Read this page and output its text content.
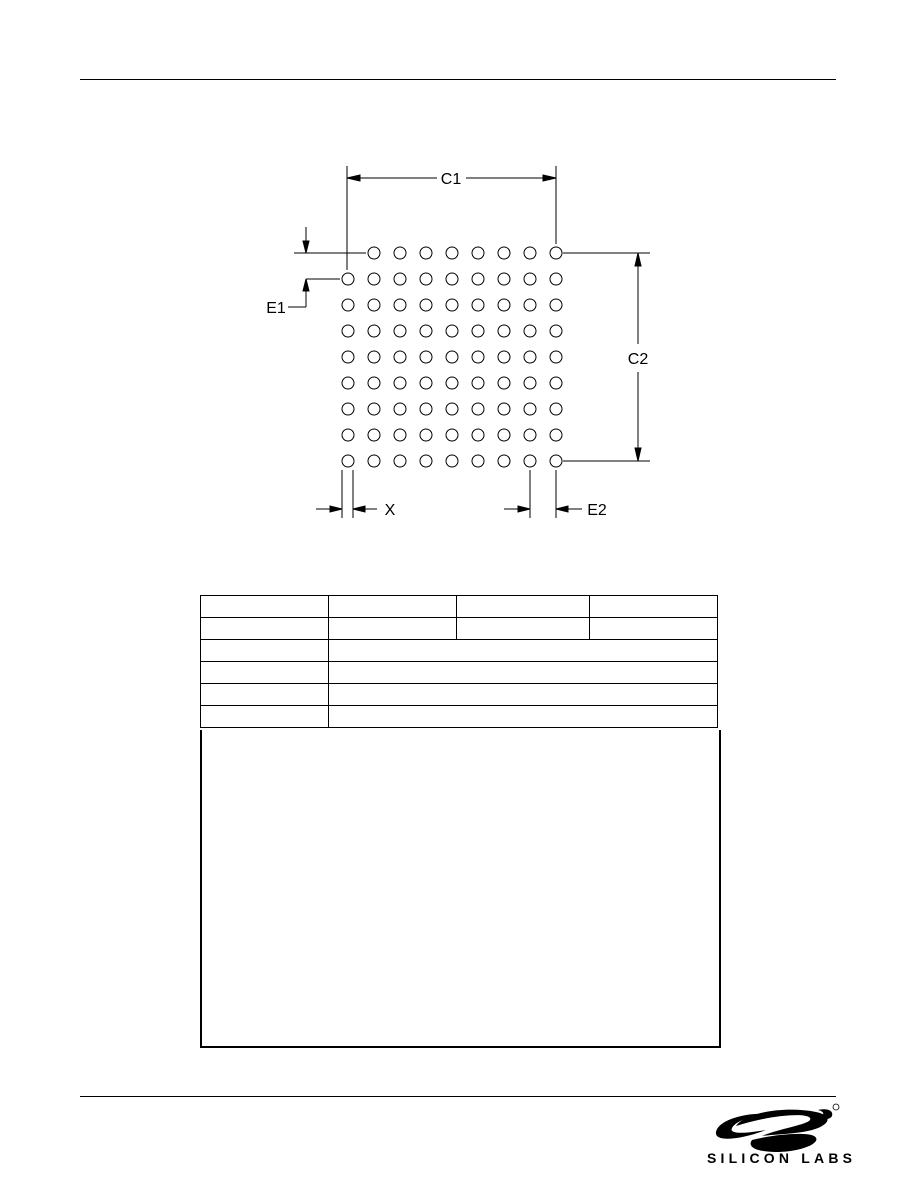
C1
C2
E1
X	E2

SILICON LABS
